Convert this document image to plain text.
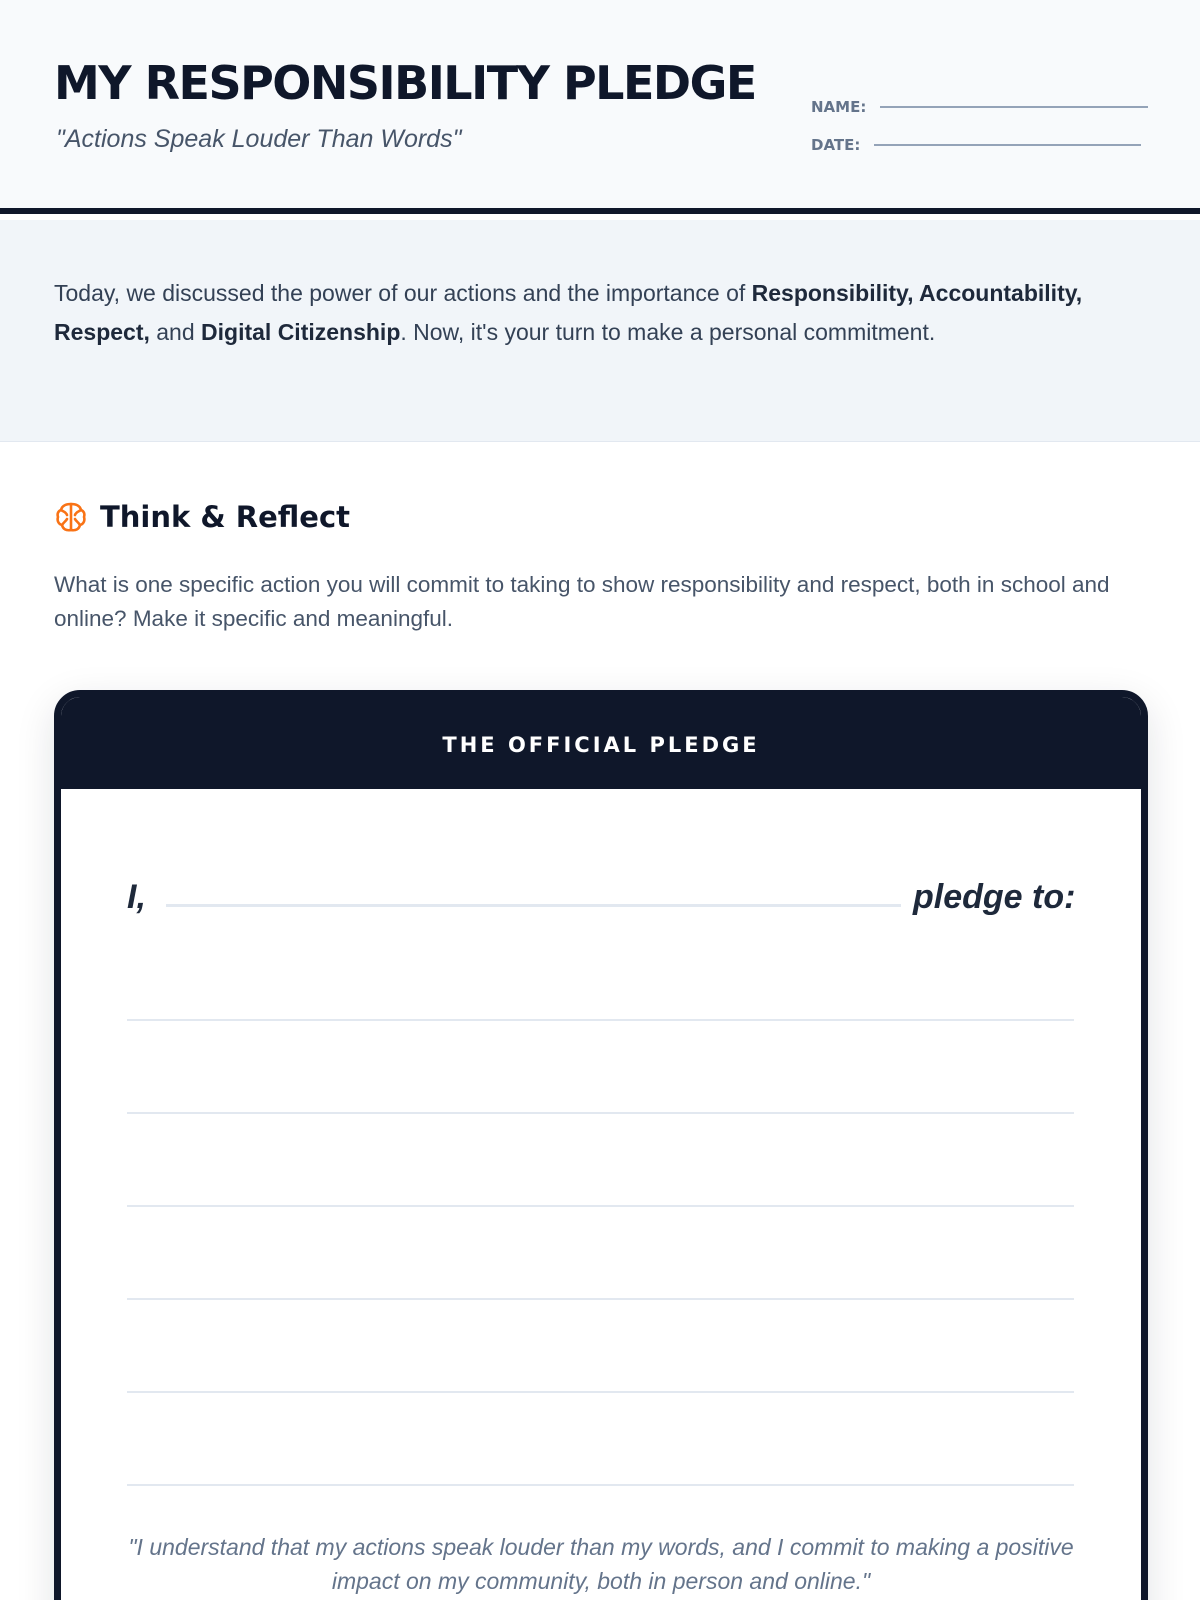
MY RESPONSIBILITY PLEDGE
"Actions Speak Louder Than Words"
NAME:
DATE:

Today, we discussed the power of our actions and the importance of Responsibility, Accountability, Respect, and Digital Citizenship. Now, it's your turn to make a personal commitment.

Think & Reflect

What is one specific action you will commit to taking to show responsibility and respect, both in school and online? Make it specific and meaningful.

THE OFFICIAL PLEDGE
I,	pledge to:

"I understand that my actions speak louder than my words, and I commit to making a positive impact on my community, both in person and online."
